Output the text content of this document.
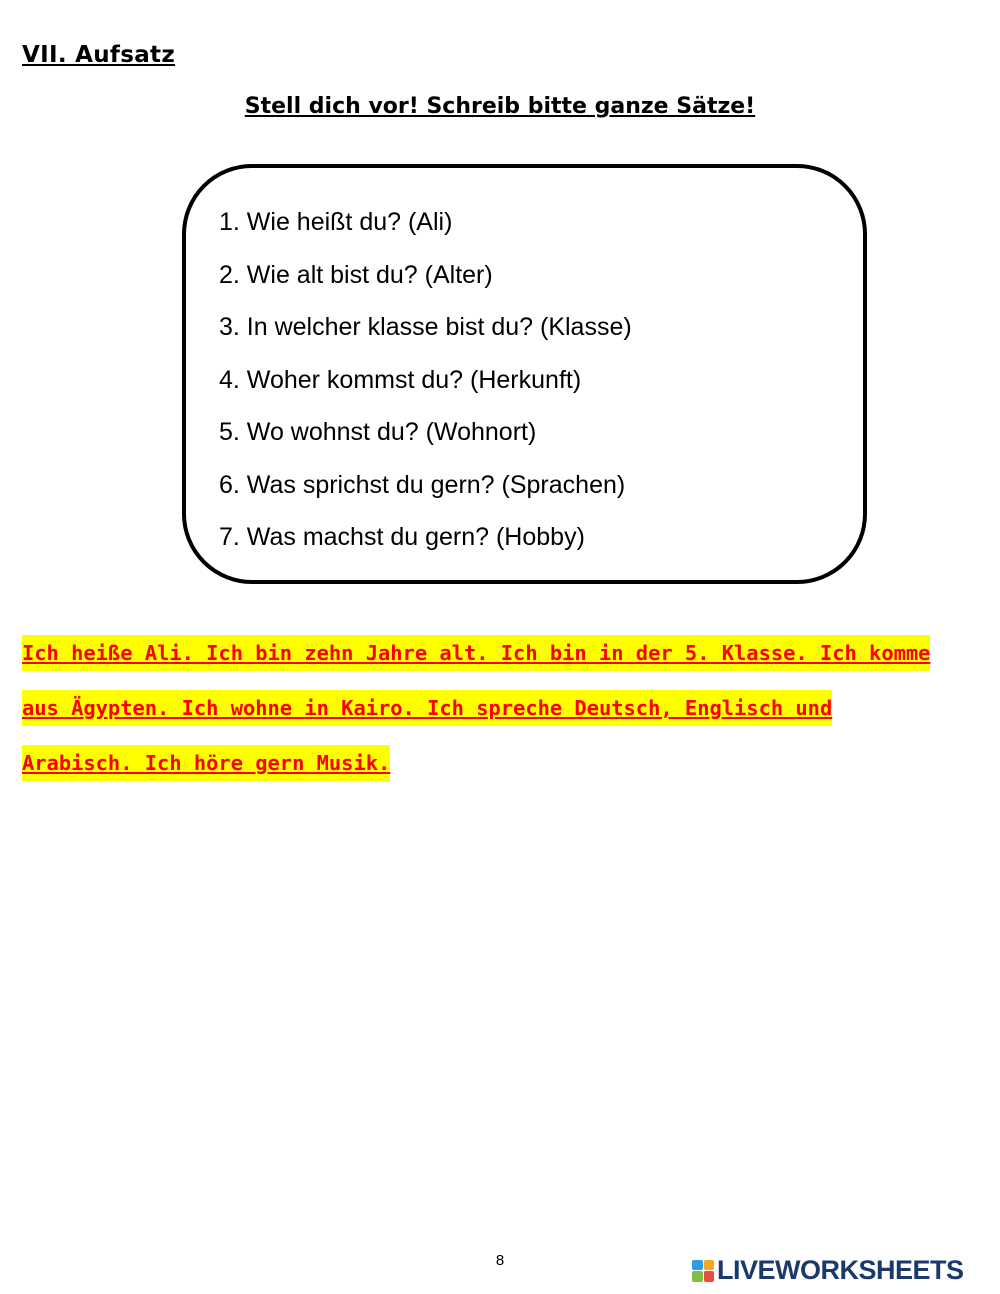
VII. Aufsatz
Stell dich vor! Schreib bitte ganze Sätze!
1. Wie heißt du? (Ali)
2. Wie alt bist du? (Alter)
3. In welcher klasse bist du? (Klasse)
4. Woher kommst du? (Herkunft)
5. Wo wohnst du? (Wohnort)
6. Was sprichst du gern? (Sprachen)
7. Was machst du gern? (Hobby)

Ich heiße Ali. Ich bin zehn Jahre alt. Ich bin in der 5. Klasse. Ich komme aus Ägypten. Ich wohne in Kairo. Ich spreche Deutsch, Englisch und Arabisch. Ich höre gern Musik.

8	LIVEWORKSHEETS
